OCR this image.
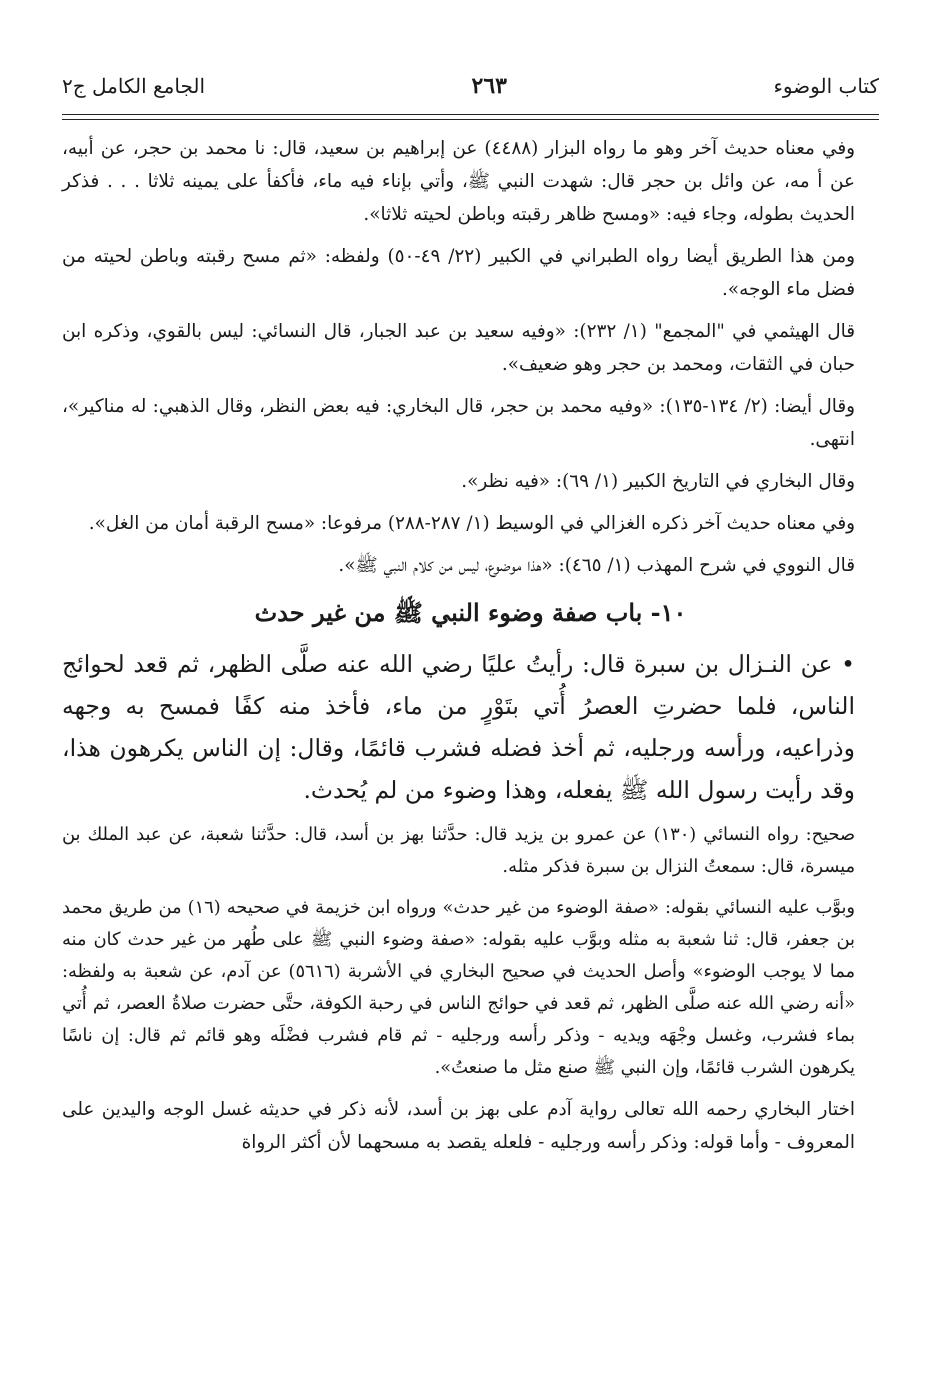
الجامع الكامل ج٢	٢٦٣	كتاب الوضوء

وفي معناه حديث آخر وهو ما رواه البزار (٤٤٨٨) عن إبراهيم بن سعيد، قال: نا محمد بن حجر، عن أبيه، عن أ مه، عن وائل بن حجر قال: شهدت النبي ﷺ، وأتي بإناء فيه ماء، فأكفأ على يمينه ثلاثا . . . فذكر الحديث بطوله، وجاء فيه: «ومسح ظاهر رقبته وباطن لحيته ثلاثا».

ومن هذا الطريق أيضا رواه الطبراني في الكبير (٢٢/ ٤٩-٥٠) ولفظه: «ثم مسح رقبته وباطن لحيته من فضل ماء الوجه».

قال الهيثمي في "المجمع" (١/ ٢٣٢): «وفيه سعيد بن عبد الجبار، قال النسائي: ليس بالقوي، وذكره ابن حبان في الثقات، ومحمد بن حجر وهو ضعيف».

وقال أيضا: (٢/ ١٣٤-١٣٥): «وفيه محمد بن حجر، قال البخاري: فيه بعض النظر، وقال الذهبي: له مناكير»، انتهى.

وقال البخاري في التاريخ الكبير (١/ ٦٩): «فيه نظر».

وفي معناه حديث آخر ذكره الغزالي في الوسيط (١/ ٢٨٧-٢٨٨) مرفوعا: «مسح الرقبة أمان من الغل».

قال النووي في شرح المهذب (١/ ٤٦٥): «هذا موضوع، ليس من كلام النبي ﷺ».

١٠- باب صفة وضوء النبي ﷺ من غير حدث

• عن النـزال بن سبرة قال: رأيتُ عليًا رضي الله عنه صلَّى الظهر، ثم قعد لحوائج الناس، فلما حضرتِ العصرُ أُتي بتَوْرٍ من ماء، فأخذ منه كفًا فمسح به وجهه وذراعيه، ورأسه ورجليه، ثم أخذ فضله فشرب قائمًا، وقال: إن الناس يكرهون هذا، وقد رأيت رسول الله ﷺ يفعله، وهذا وضوء من لم يُحدث.

صحيح: رواه النسائي (١٣٠) عن عمرو بن يزيد قال: حدَّثنا بهز بن أسد، قال: حدَّثنا شعبة، عن عبد الملك بن ميسرة، قال: سمعتُ النزال بن سبرة فذكر مثله.

وبوَّب عليه النسائي بقوله: «صفة الوضوء من غير حدث» ورواه ابن خزيمة في صحيحه (١٦) من طريق محمد بن جعفر، قال: ثنا شعبة به مثله وبوَّب عليه بقوله: «صفة وضوء النبي ﷺ على طُهر من غير حدث كان منه مما لا يوجب الوضوء» وأصل الحديث في صحيح البخاري في الأشربة (٥٦١٦) عن آدم، عن شعبة به ولفظه: «أنه رضي الله عنه صلَّى الظهر، ثم قعد في حوائج الناس في رحبة الكوفة، حتَّى حضرت صلاةُ العصر، ثم أُتي بماء فشرب، وغسل وجْهَه ويديه - وذكر رأسه ورجليه - ثم قام فشرب فضْلَه وهو قائم ثم قال: إن ناسًا يكرهون الشرب قائمًا، وإن النبي ﷺ صنع مثل ما صنعتُ».

اختار البخاري رحمه الله تعالى رواية آدم على بهز بن أسد، لأنه ذكر في حديثه غسل الوجه واليدين على المعروف - وأما قوله: وذكر رأسه ورجليه - فلعله يقصد به مسحهما لأن أكثر الرواة
